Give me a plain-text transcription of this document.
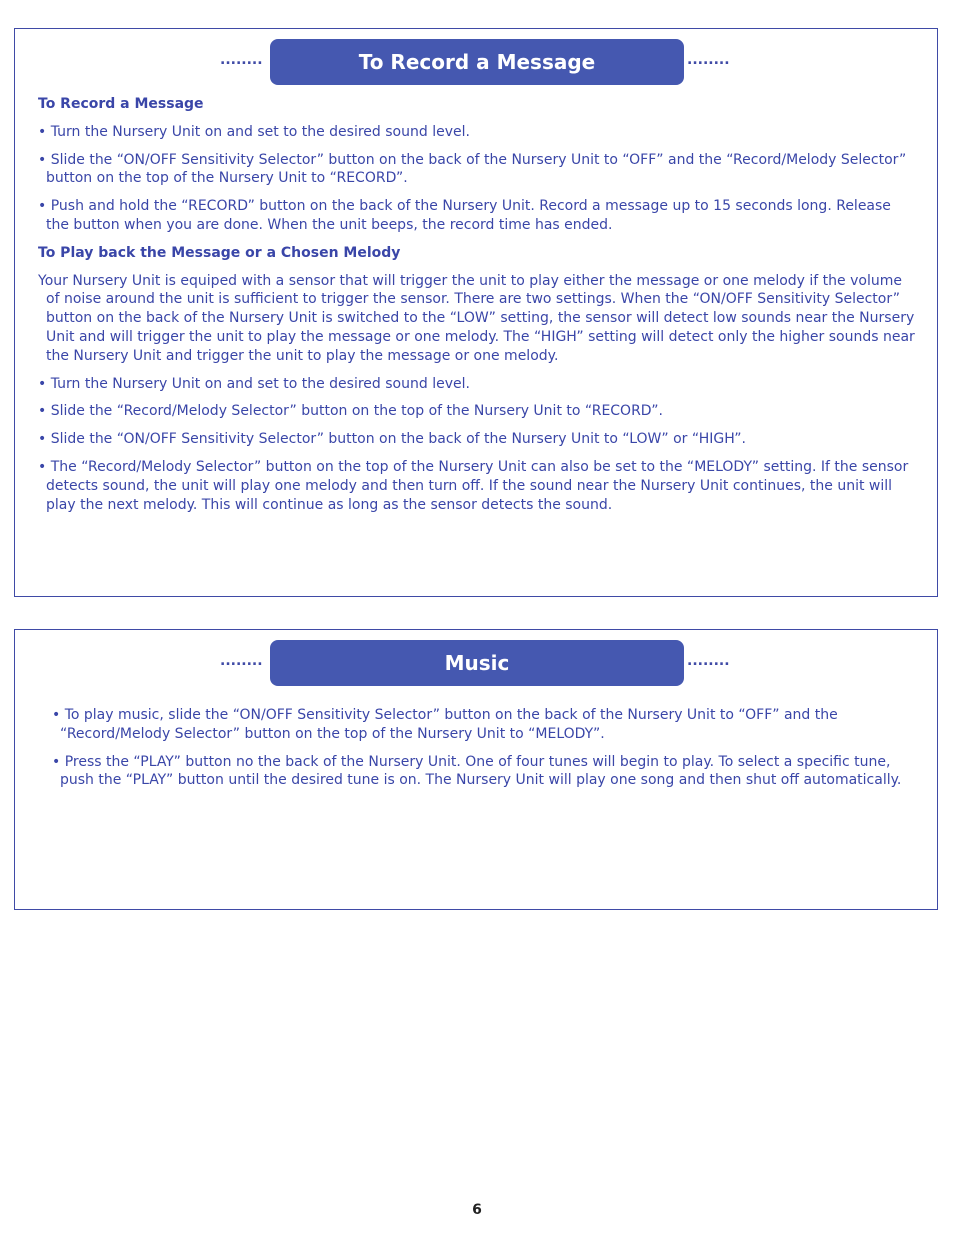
........	To Record a Message	........

To Record a Message

• Turn the Nursery Unit on and set to the desired sound level.

• Slide the “ON/OFF Sensitivity Selector” button on the back of the Nursery Unit to “OFF” and the “Record/Melody Selector” button on the top of the Nursery Unit to “RECORD”.

• Push and hold the “RECORD” button on the back of the Nursery Unit. Record a message up to 15 seconds long. Release the button when you are done. When the unit beeps, the record time has ended.

To Play back the Message or a Chosen Melody

Your Nursery Unit is equiped with a sensor that will trigger the unit to play either the message or one melody if the volume of noise around the unit is sufficient to trigger the sensor. There are two settings. When the “ON/OFF Sensitivity Selector” button on the back of the Nursery Unit is switched to the “LOW” setting, the sensor will detect low sounds near the Nursery Unit and will trigger the unit to play the message or one melody. The “HIGH” setting will detect only the higher sounds near the Nursery Unit and trigger the unit to play the message or one melody.

• Turn the Nursery Unit on and set to the desired sound level.

• Slide the “Record/Melody Selector” button on the top of the Nursery Unit to “RECORD”.

• Slide the “ON/OFF Sensitivity Selector” button on the back of the Nursery Unit to “LOW” or “HIGH”.

• The “Record/Melody Selector” button on the top of the Nursery Unit can also be set to the “MELODY” setting. If the sensor detects sound, the unit will play one melody and then turn off. If the sound near the Nursery Unit continues, the unit will play the next melody. This will continue as long as the sensor detects the sound.

........	Music	........

• To play music, slide the “ON/OFF Sensitivity Selector” button on the back of the Nursery Unit to “OFF” and the “Record/Melody Selector” button on the top of the Nursery Unit to “MELODY”.

• Press the “PLAY” button no the back of the Nursery Unit. One of four tunes will begin to play. To select a specific tune, push the “PLAY” button until the desired tune is on. The Nursery Unit will play one song and then shut off automatically.

6
